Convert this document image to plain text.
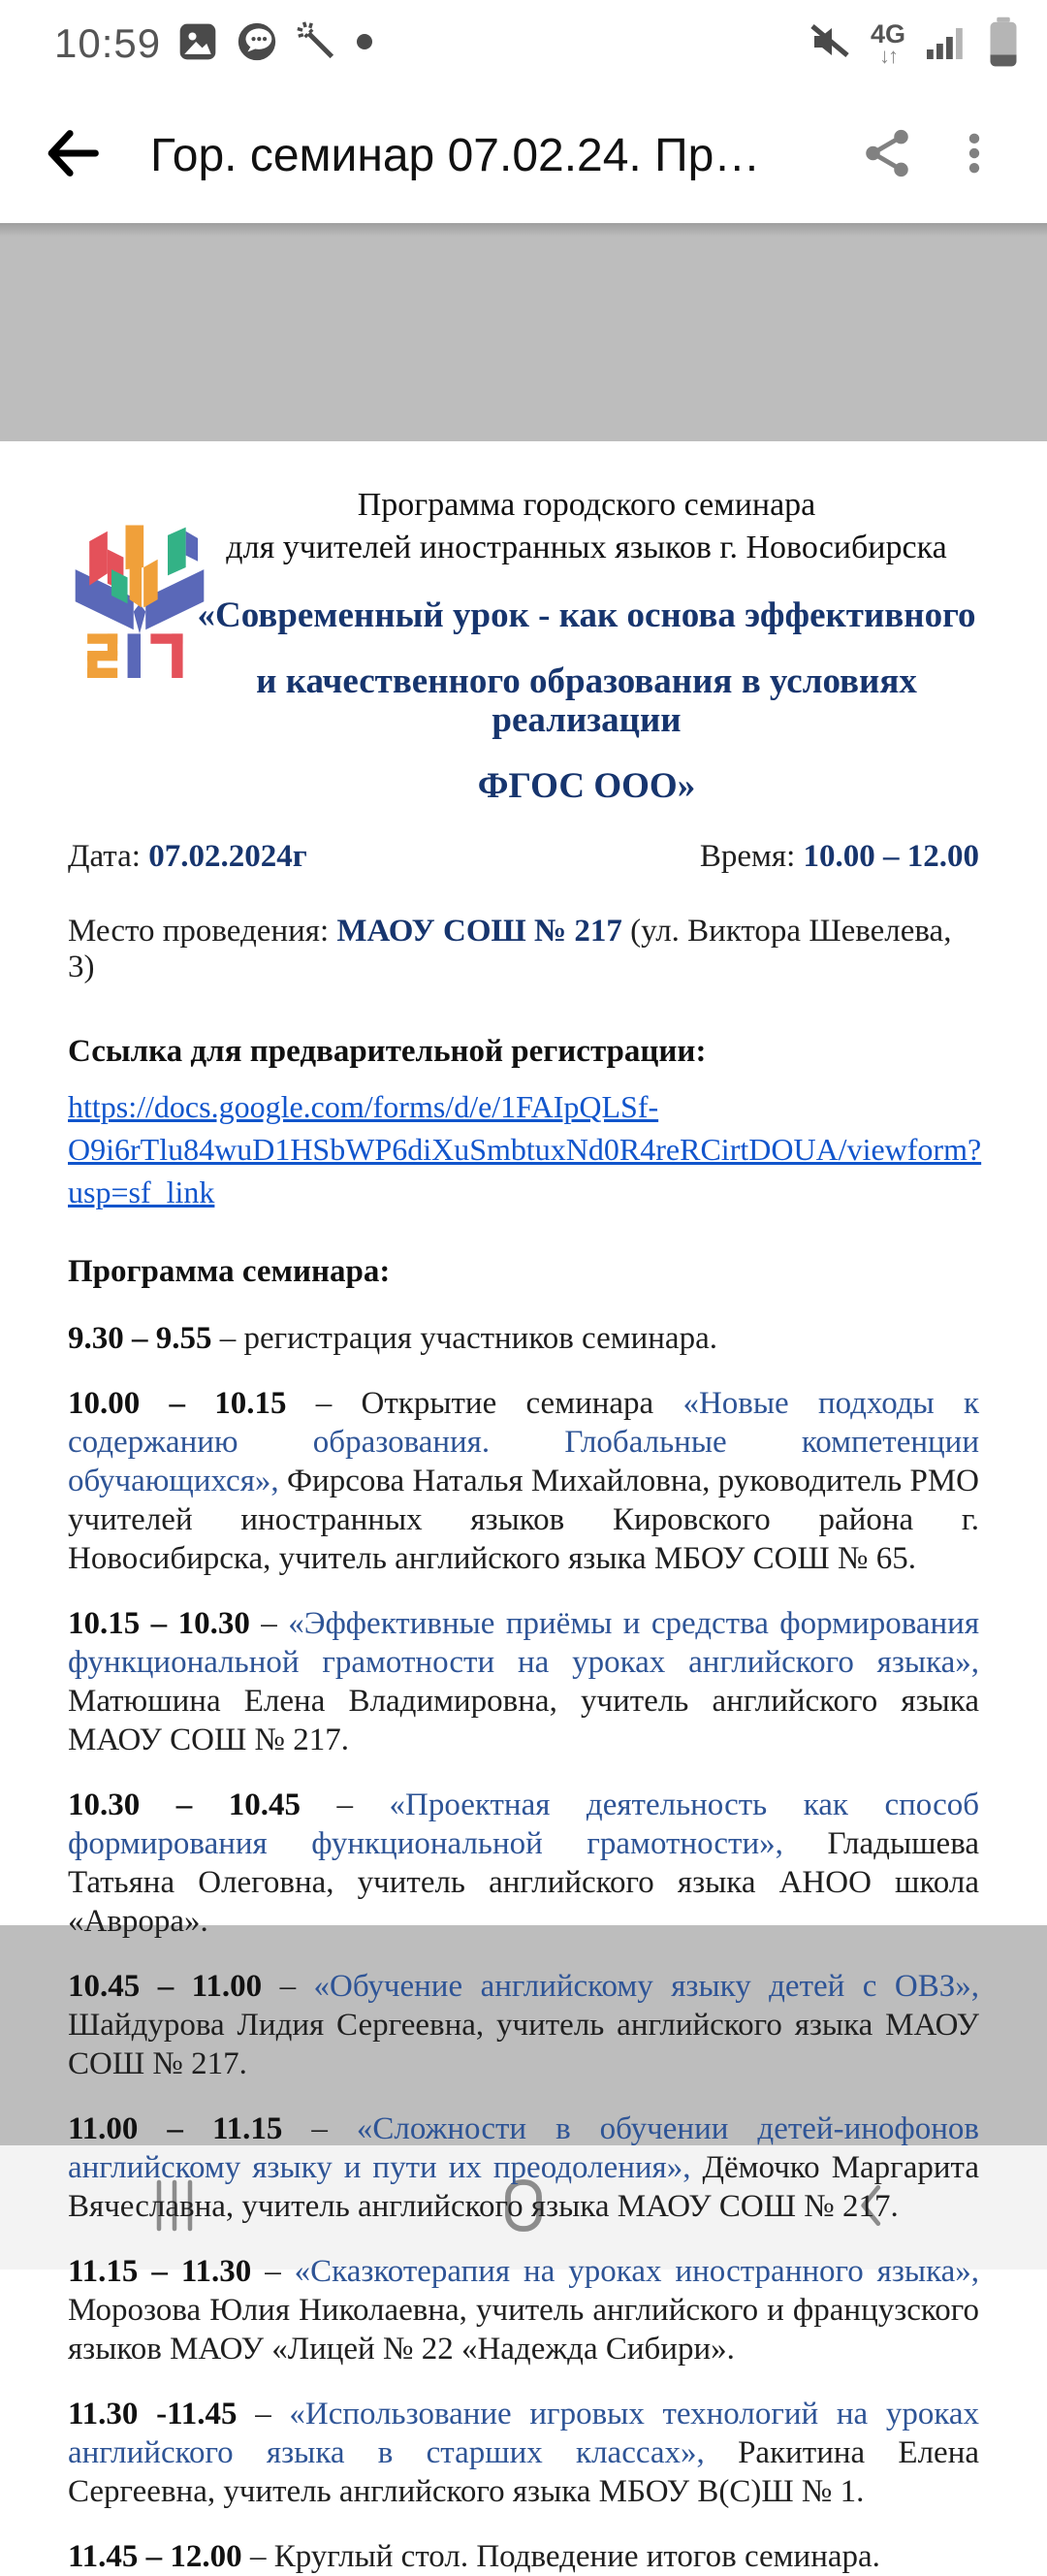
10:59	4G
↓↑
Гор. семинар 07.02.24. Пр…
Программа городского семинара
для учителей иностранных языков г. Новосибирска
«Современный урок - как основа эффективного
и качественного образования в условиях реализации
ФГОС ООО»
Дата: 07.02.2024г	Время: 10.00 – 12.00
Место проведения: МАОУ СОШ № 217 (ул. Виктора Шевелева, 3)
Ссылка для предварительной регистрации:
https://docs.google.com/forms/d/e/1FAIpQLSf-O9i6rTlu84wuD1HSbWP6diXuSmbtuxNd0R4reRCirtDOUA/viewform?usp=sf_link
Программа семинара:

9.30 – 9.55 – регистрация участников семинара.

10.00 – 10.15 – Открытие семинара «Новые подходы к содержанию образования. Глобальные компетенции обучающихся», Фирсова Наталья Михайловна, руководитель РМО учителей иностранных языков Кировского района г. Новосибирска, учитель английского языка МБОУ СОШ № 65.

10.15 – 10.30 – «Эффективные приёмы и средства формирования функциональной грамотности на уроках английского языка», Матюшина Елена Владимировна, учитель английского языка МАОУ СОШ № 217.

10.30 – 10.45 – «Проектная деятельность как способ формирования функциональной грамотности», Гладышева Татьяна Олеговна, учитель английского языка АНОО школа «Аврора».

10.45 – 11.00 – «Обучение английскому языку детей с ОВЗ», Шайдурова Лидия Сергеевна, учитель английского языка МАОУ СОШ № 217.

11.00 – 11.15 – «Сложности в обучении детей-инофонов английскому языку и пути их преодоления», Дёмочко Маргарита Вячеславна, учитель английского языка МАОУ СОШ № 217.

11.15 – 11.30 – «Сказкотерапия на уроках иностранного языка», Морозова Юлия Николаевна, учитель английского и французского языков МАОУ «Лицей № 22 «Надежда Сибири».

11.30 -11.45 – «Использование игровых технологий на уроках английского языка в старших классах», Ракитина Елена Сергеевна, учитель английского языка МБОУ В(С)Ш № 1.

11.45 – 12.00 – Круглый стол. Подведение итогов семинара.
